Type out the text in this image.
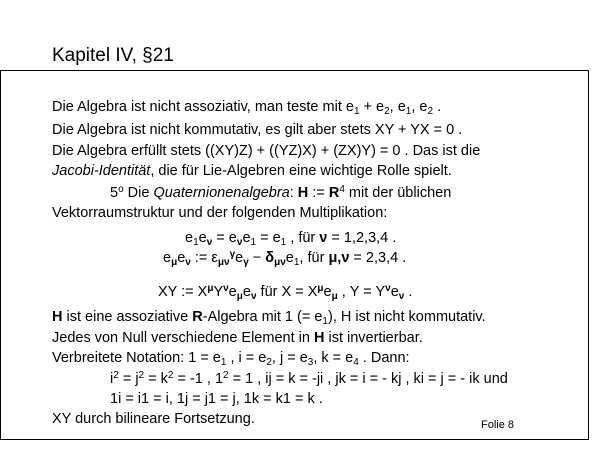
Kapitel IV, §21
Die Algebra ist nicht assoziativ, man teste mit $e_1 + e_2$, $e_1$, $e_2$ .
Die Algebra ist nicht kommutativ, es gilt aber stets XY + YX = 0 .
Die Algebra erfüllt stets ((XY)Z) + ((YZ)X) + (ZX)Y) = 0 . Das ist die
Jacobi-Identität, die für Lie-Algebren eine wichtige Rolle spielt.
5$^o$ Die Quaternionenalgebra: H := $R^4$ mit der üblichen
Vektorraumstruktur und der folgenden Multiplikation:
$e_1e_\nu = e_\nu e_1 = e_1$ , für ν = 1,2,3,4 .
$e_\mu e_\nu$ := $\varepsilon_{\mu\nu}^\gamma e_\gamma - \delta_{\mu\nu}e_1$, für μ,ν = 2,3,4 .
XY := $X^\mu Y^\nu e_\mu e_\nu$ für $X = X^\mu e_\mu$ , $Y = Y^\nu e_\nu$ .
H ist eine assoziative R-Algebra mit 1 (= $e_1$), H ist nicht kommutativ.
Jedes von Null verschiedene Element in H ist invertierbar.
Verbreitete Notation: $1 = e_1$ , $i = e_2$, $j = e_3$, $k = e_4$ . Dann:
$i^2 = j^2 = k^2 = -1$ , $1^2 = 1$ , ij = k = -ji , jk = i = - kj , ki = j = - ik und
1i = i1 = i, 1j = j1 = j, 1k = k1 = k .
XY durch bilineare Fortsetzung.	Folie 8
